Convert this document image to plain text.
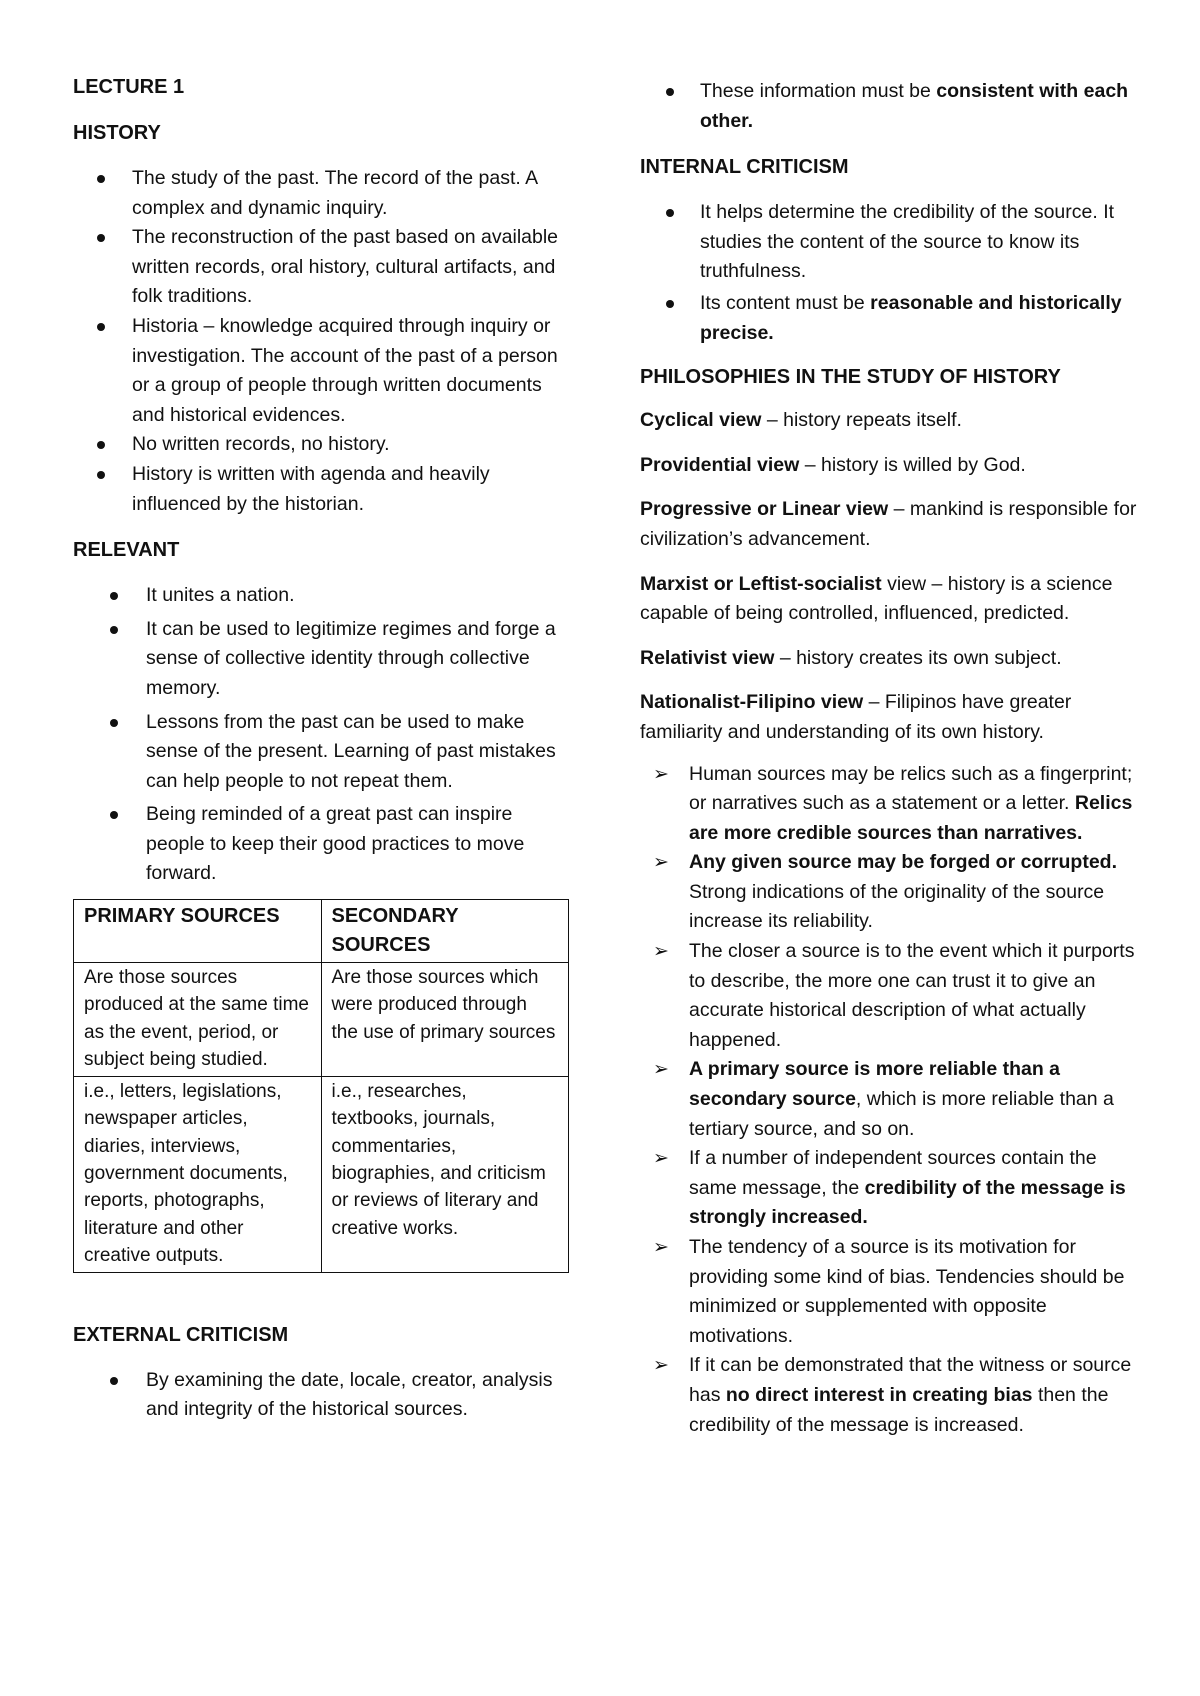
LECTURE 1
HISTORY
The study of the past. The record of the past. A complex and dynamic inquiry.
The reconstruction of the past based on available written records, oral history, cultural artifacts, and folk traditions.
Historia – knowledge acquired through inquiry or investigation. The account of the past of a person or a group of people through written documents and historical evidences.
No written records, no history.
History is written with agenda and heavily influenced by the historian.
RELEVANT
It unites a nation.
It can be used to legitimize regimes and forge a sense of collective identity through collective memory.
Lessons from the past can be used to make sense of the present. Learning of past mistakes can help people to not repeat them.
Being reminded of a great past can inspire people to keep their good practices to move forward.
PRIMARY SOURCES	SECONDARY SOURCES
Are those sources produced at the same time as the event, period, or subject being studied.	Are those sources which were produced through the use of primary sources
i.e., letters, legislations, newspaper articles, diaries, interviews, government documents, reports, photographs, literature and other creative outputs.	i.e., researches, textbooks, journals, commentaries, biographies, and criticism or reviews of literary and creative works.
EXTERNAL CRITICISM
By examining the date, locale, creator, analysis and integrity of the historical sources.
These information must be consistent with each other.
INTERNAL CRITICISM
It helps determine the credibility of the source. It studies the content of the source to know its truthfulness.
Its content must be reasonable and historically precise.
PHILOSOPHIES IN THE STUDY OF HISTORY

Cyclical view – history repeats itself.

Providential view – history is willed by God.

Progressive or Linear view – mankind is responsible for civilization’s advancement.

Marxist or Leftist-socialist view – history is a science capable of being controlled, influenced, predicted.

Relativist view – history creates its own subject.

Nationalist-Filipino view – Filipinos have greater familiarity and understanding of its own history.

➢ Human sources may be relics such as a fingerprint; or narratives such as a statement or a letter. Relics are more credible sources than narratives.
➢ Any given source may be forged or corrupted. Strong indications of the originality of the source increase its reliability.
➢ The closer a source is to the event which it purports to describe, the more one can trust it to give an accurate historical description of what actually happened.
➢ A primary source is more reliable than a secondary source, which is more reliable than a tertiary source, and so on.
➢ If a number of independent sources contain the same message, the credibility of the message is strongly increased.
➢ The tendency of a source is its motivation for providing some kind of bias. Tendencies should be minimized or supplemented with opposite motivations.
➢ If it can be demonstrated that the witness or source has no direct interest in creating bias then the credibility of the message is increased.
